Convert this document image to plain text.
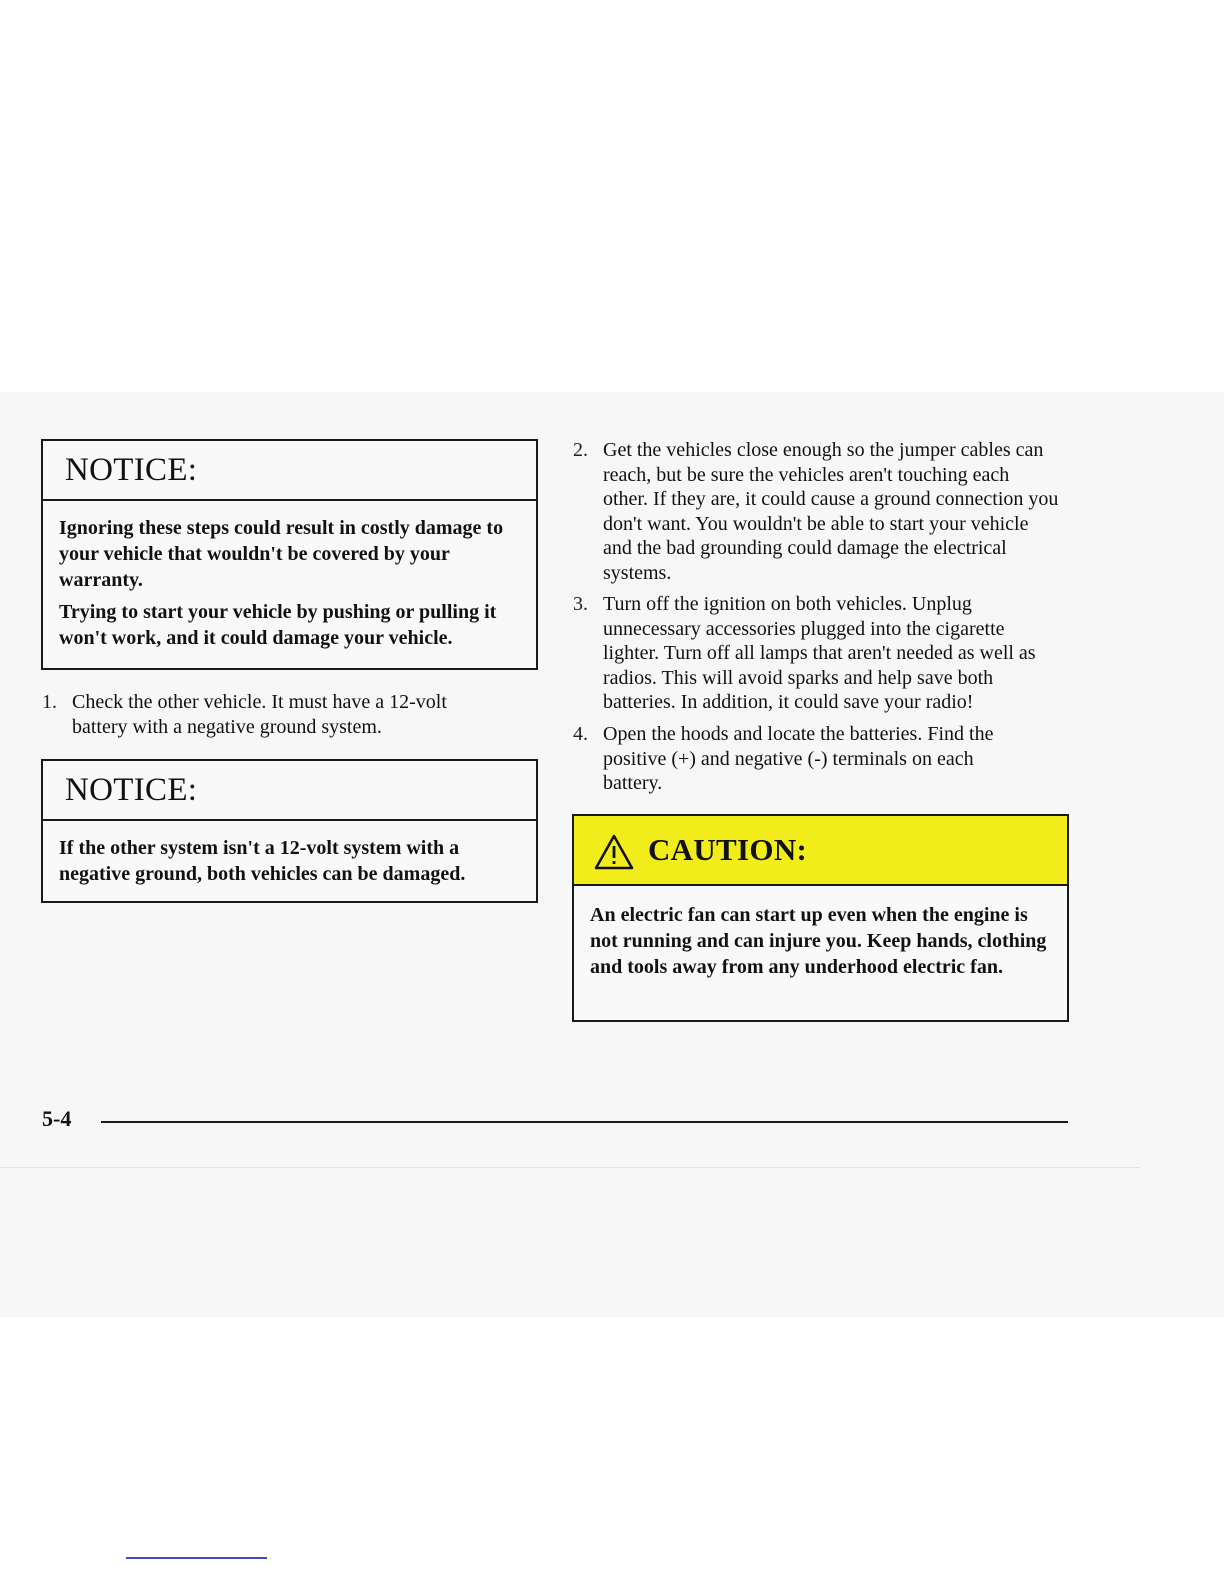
NOTICE:

Ignoring these steps could result in costly damage to your vehicle that wouldn't be covered by your warranty.

Trying to start your vehicle by pushing or pulling it won't work, and it could damage your vehicle.

1. Check the other vehicle. It must have a 12-volt battery with a negative ground system.
NOTICE:

If the other system isn't a 12-volt system with a negative ground, both vehicles can be damaged.

2. Get the vehicles close enough so the jumper cables can reach, but be sure the vehicles aren't touching each other. If they are, it could cause a ground connection you don't want. You wouldn't be able to start your vehicle and the bad grounding could damage the electrical systems.
3. Turn off the ignition on both vehicles. Unplug unnecessary accessories plugged into the cigarette lighter. Turn off all lamps that aren't needed as well as radios. This will avoid sparks and help save both batteries. In addition, it could save your radio!
4. Open the hoods and locate the batteries. Find the positive (+) and negative (-) terminals on each battery.
CAUTION:

An electric fan can start up even when the engine is not running and can injure you. Keep hands, clothing and tools away from any underhood electric fan.

5-4
